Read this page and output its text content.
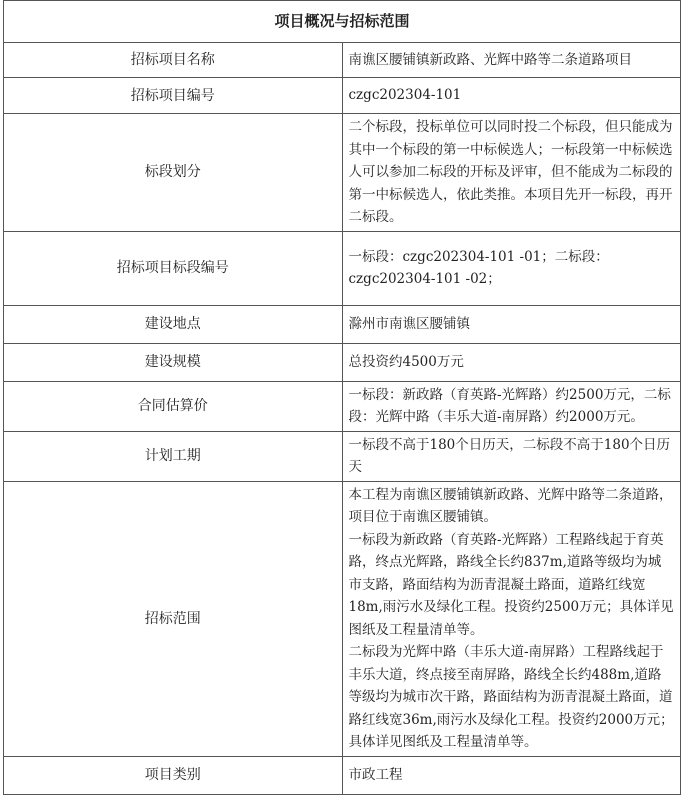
项目概况与招标范围	
招标项目名称	南谯区腰铺镇新政路、光辉中路等二条道路项目
招标项目编号	czgc202304-101
标段划分	二个标段，投标单位可以同时投二个标段，但只能成为其中一个标段的第一中标候选人；一标段第一中标候选人可以参加二标段的开标及评审，但不能成为二标段的第一中标候选人，依此类推。本项目先开一标段，再开二标段。
招标项目标段编号	一标段：czgc202304-101 -01；二标段：czgc202304-101 -02；
建设地点	滁州市南谯区腰铺镇
建设规模	总投资约4500万元
合同估算价	一标段：新政路（育英路-光辉路）约2500万元，二标段：光辉中路（丰乐大道-南屏路）约2000万元。
计划工期	一标段不高于180个日历天，二标段不高于180个日历天
招标范围	本工程为南谯区腰铺镇新政路、光辉中路等二条道路，项目位于南谯区腰铺镇。
一标段为新政路（育英路-光辉路）工程路线起于育英路，终点光辉路，路线全长约837m,道路等级均为城市支路，路面结构为沥青混凝土路面，道路红线宽18m,雨污水及绿化工程。投资约2500万元；具体详见图纸及工程量清单等。
二标段为光辉中路（丰乐大道-南屏路）工程路线起于丰乐大道，终点接至南屏路，路线全长约488m,道路等级均为城市次干路，路面结构为沥青混凝土路面，道路红线宽36m,雨污水及绿化工程。投资约2000万元；具体详见图纸及工程量清单等。

项目类别	市政工程
